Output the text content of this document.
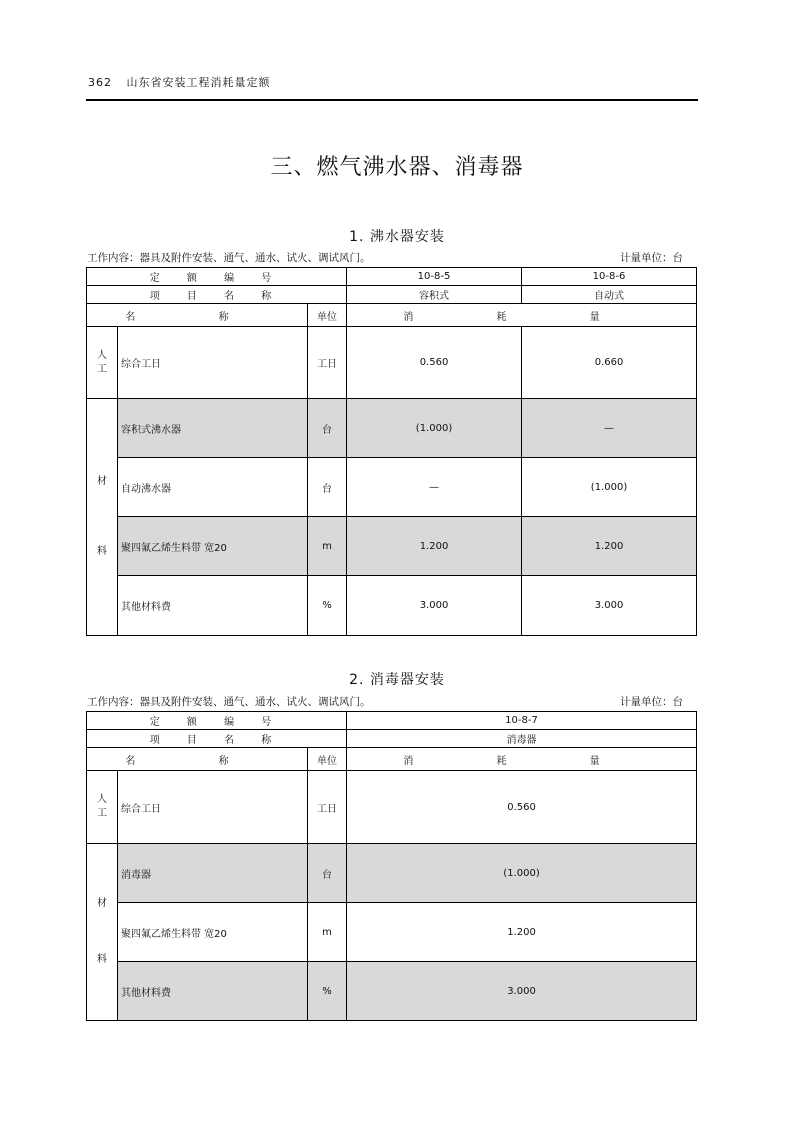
362 山东省安装工程消耗量定额
三、燃气沸水器、消毒器
1. 沸水器安装
工作内容：器具及附件安装、通气、通水、试火、调试风门。	计量单位：台
定 额 编 号			10-8-5	10-8-6
项 目 名 称			容积式	自动式
名 称		单位	消 耗 量	
人
工	综合工日	工日	0.560	0.660
材

料	容积式沸水器	台	(1.000)	—
	自动沸水器	台	—	(1.000)
	聚四氟乙烯生料带 宽20	m	1.200	1.200
	其他材料费	%	3.000	3.000
2. 消毒器安装
工作内容：器具及附件安装、通气、通水、试火、调试风门。	计量单位：台
定 额 编 号			10-8-7
项 目 名 称			消毒器
名 称		单位	消 耗 量
人
工	综合工日	工日	0.560
材

料	消毒器	台	(1.000)
	聚四氟乙烯生料带 宽20	m	1.200
	其他材料费	%	3.000
